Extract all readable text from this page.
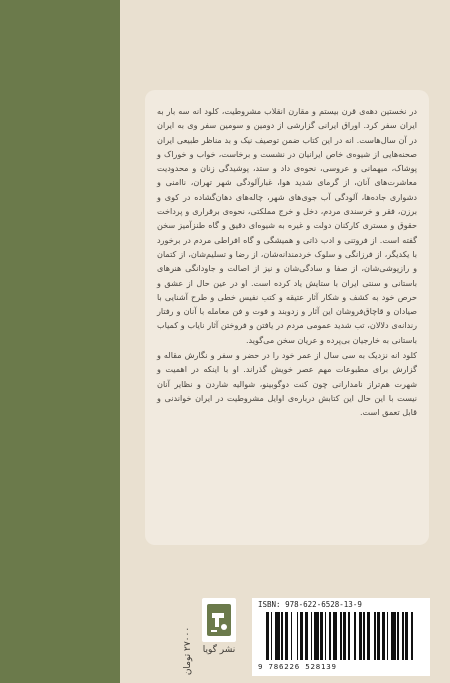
در نخستین دهه‌ی قرن بیستم و مقارن انقلاب مشروطیت، کلود انه سه بار به ایران سفر کرد. اوراق ایرانی گزارشی از دومین و سومین سفر وی به ایران در آن سال‌هاست. انه در این کتاب ضمن توصیف نیک و بد مناظر طبیعی ایران صحنه‌هایی از شیوه‌ی خاص ایرانیان در نشست و برخاست، خواب و خوراک و پوشاک، میهمانی و عروسی، نحوه‌ی داد و ستد، پوشیدگی زنان و محدودیت معاشرت‌های آنان، از گرمای شدید هوا، غبارآلودگی شهر تهران، ناامنی و دشواری جاده‌ها، آلودگی آب جوی‌های شهر، چاله‌های دهان‌گشاده در کوی و برزن، فقر و خرسندی مردم، دخل و خرج مملکتی، نحوه‌ی برقراری و پرداخت حقوق و مستری کارکنان دولت و غیره به شیوه‌ای دقیق و گاه طنزآمیز سخن گفته است. از فروتنی و ادب ذاتی و همیشگی و گاه افراطی مردم در برخورد با یکدیگر، از فرزانگی و سلوک خردمندانه‌شان، از رضا و تسلیم‌شان، از کتمان و رازپوشی‌شان، از صفا و سادگی‌شان و نیز از اصالت و جاودانگی هنرهای باستانی و سنتی ایران با ستایش یاد کرده است. او در عین حال از عشق و حرص خود به کشف و شکار آثار عتیقه و کتب نفیس خطی و طرح آشنایی با صیادان و قاچاق‌فروشان این آثار و زدوبند و فوت و فن معامله با آنان و رفتار رندانه‌ی دلالان، تب شدید عمومی مردم در یافتن و فروختن آثار نایاب و کمیاب باستانی به خارجیان بی‌پرده و عریان سخن می‌گوید.

کلود انه نزدیک به سی سال از عمر خود را در حضر و سفر و نگارش مقاله و گزارش برای مطبوعات مهم عصر خویش گذراند. او با اینکه در اهمیت و شهرت هم‌تراز نامدارانی چون کنت دوگوبینو، شوالیه شاردن و نظایر آنان نیست با این حال این کتابش درباره‌ی اوایل مشروطیت در ایران خواندنی و قابل تعمق است.

۲۷۰۰۰ تومان	نشر گویا
ISBN: 978-622-6528-13-9
9 786226 528139
